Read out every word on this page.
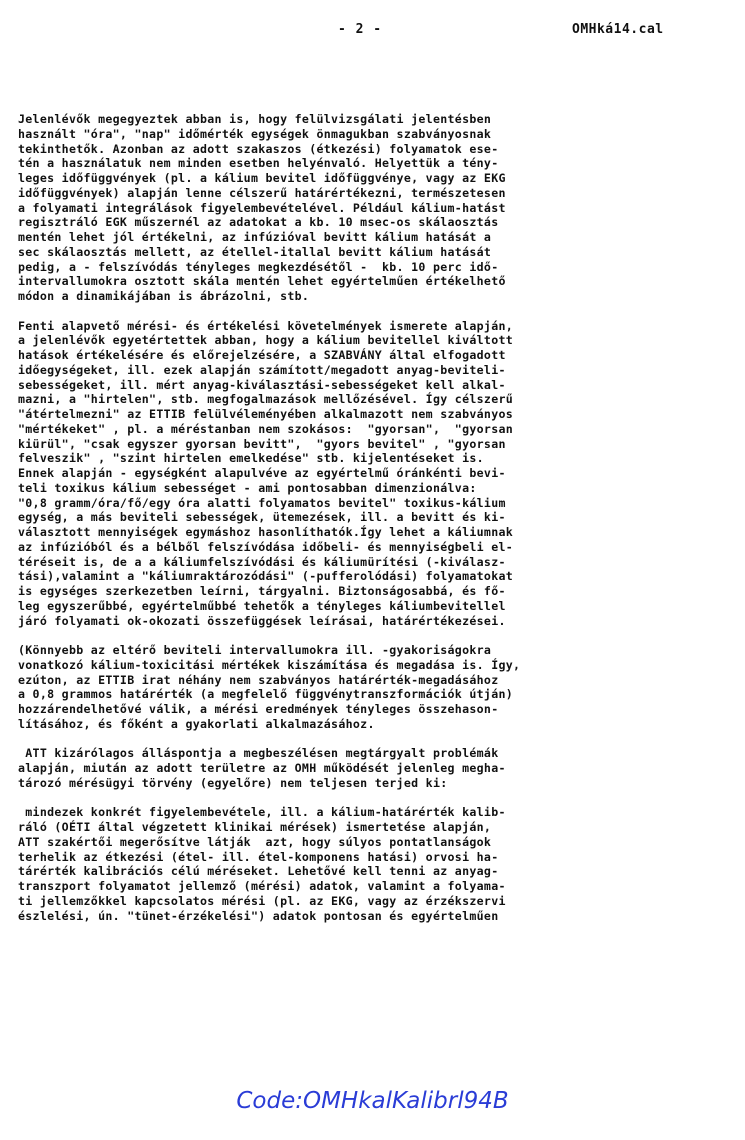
- 2 -	OMHká14.cal
Jelenlévők megegyeztek abban is, hogy felülvizsgálati jelentésben
használt "óra", "nap" időmérték egységek önmagukban szabványosnak
tekinthetők. Azonban az adott szakaszos (étkezési) folyamatok ese-
tén a használatuk nem minden esetben helyénvaló. Helyettük a tény-
leges időfüggvények (pl. a kálium bevitel időfüggvénye, vagy az EKG
időfüggvények) alapján lenne célszerű határértékezni, természetesen
a folyamati integrálások figyelembevételével. Például kálium-hatást
regisztráló EGK műszernél az adatokat a kb. 10 msec-os skálaosztás
mentén lehet jól értékelni, az infúzióval bevitt kálium hatását a
sec skálaosztás mellett, az étellel-itallal bevitt kálium hatását
pedig, a - felszívódás tényleges megkezdésétől -  kb. 10 perc idő-
intervallumokra osztott skála mentén lehet egyértelműen értékelhető
módon a dinamikájában is ábrázolni, stb.
Fenti alapvető mérési- és értékelési követelmények ismerete alapján,
a jelenlévők egyetértettek abban, hogy a kálium bevitellel kiváltott
hatások értékelésére és előrejelzésére, a SZABVÁNY által elfogadott
időegységeket, ill. ezek alapján számított/megadott anyag-beviteli-
sebességeket, ill. mért anyag-kiválasztási-sebességeket kell alkal-
mazni, a "hirtelen", stb. megfogalmazások mellőzésével. Így célszerű
"átértelmezni" az ETTIB felülvéleményében alkalmazott nem szabványos
"mértékeket" , pl. a méréstanban nem szokásos:  "gyorsan",  "gyorsan
kiürül", "csak egyszer gyorsan bevitt",  "gyors bevitel" , "gyorsan
felveszik" , "szint hirtelen emelkedése" stb. kijelentéseket is.
Ennek alapján - egységként alapulvéve az egyértelmű óránkénti bevi-
teli toxikus kálium sebességet - ami pontosabban dimenzionálva:
"0,8 gramm/óra/fő/egy óra alatti folyamatos bevitel" toxikus-kálium
egység, a más beviteli sebességek, ütemezések, ill. a bevitt és ki-
választott mennyiségek egymáshoz hasonlíthatók.Így lehet a káliumnak
az infúzióból és a bélből felszívódása időbeli- és mennyiségbeli el-
téréseit is, de a a káliumfelszívódási és káliumürítési (-kiválasz-
tási),valamint a "káliumraktározódási" (-pufferolódási) folyamatokat
is egységes szerkezetben leírni, tárgyalni. Biztonságosabbá, és fő-
leg egyszerűbbé, egyértelműbbé tehetők a tényleges káliumbevitellel
járó folyamati ok-okozati összefüggések leírásai, határértékezései.
(Könnyebb az eltérő beviteli intervallumokra ill. -gyakoriságokra
vonatkozó kálium-toxicitási mértékek kiszámítása és megadása is. Így,
ezúton, az ETTIB irat néhány nem szabványos határérték-megadásához
a 0,8 grammos határérték (a megfelelő függvénytranszformációk útján)
hozzárendelhetővé válik, a mérési eredmények tényleges összehason-
lításához, és főként a gyakorlati alkalmazásához.
ATT kizárólagos álláspontja a megbeszélésen megtárgyalt problémák
alapján, miután az adott területre az OMH működését jelenleg megha-
tározó mérésügyi törvény (egyelőre) nem teljesen terjed ki:
mindezek konkrét figyelembevétele, ill. a kálium-határérték kalib-
ráló (OÉTI által végzetett klinikai mérések) ismertetése alapján,
ATT szakértői megerősítve látják  azt, hogy súlyos pontatlanságok
terhelik az étkezési (étel- ill. étel-komponens hatási) orvosi ha-
tárérték kalibrációs célú méréseket. Lehetővé kell tenni az anyag-
transzport folyamatot jellemző (mérési) adatok, valamint a folyama-
ti jellemzőkkel kapcsolatos mérési (pl. az EKG, vagy az érzékszervi
észlelési, ún. "tünet-érzékelési") adatok pontosan és egyértelműen
Code:OMHkalKalibrl94B
